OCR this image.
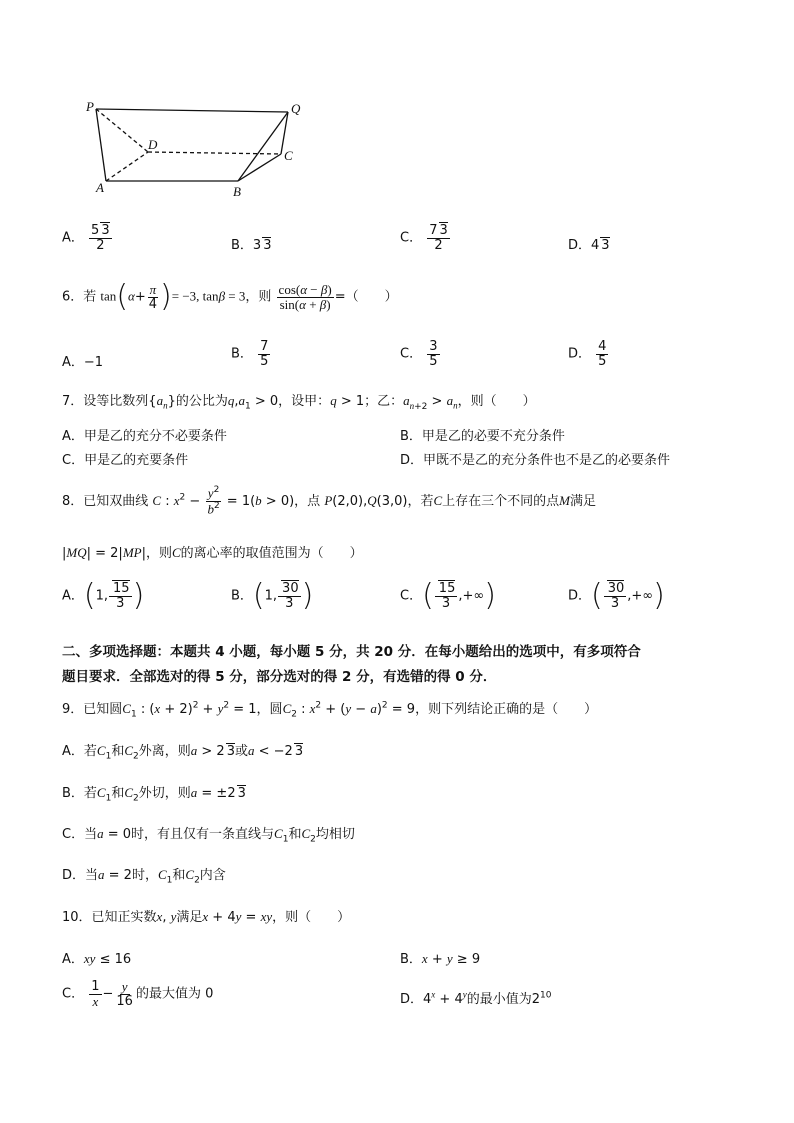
P	Q
D
C
A	B
A． $\frac{5 3}{2}$	B．3 3	C． $\frac{7 3}{2}$	D．4 3
6．若 $\tan(\alpha+ \frac{\pi}{4}$ )= −3, tanβ = 3，则 $\frac{\cos(\alpha - \beta)}{\sin(\alpha + \beta)}$ =（　　）
A．−1
B． $\frac{7}{5}$	C． $\frac{3}{5}$	D． $\frac{4}{5}$
7．设等比数列$\{a_n\}$的公比为$q,a_1 > 0$，设甲：q > 1；乙：$a_{n+2} > a_n$，则（　　）
A．甲是乙的充分不必要条件	B．甲是乙的必要不充分条件
C．甲是乙的充要条件	D．甲既不是乙的充分条件也不是乙的必要条件
8．已知双曲线 C : $x^2 - \frac{y^2}{b^2} = 1(b > 0)$，点 P(2,0),Q(3,0)，若C上存在三个不同的点M满足
|MQ| = 2|MP|，则C的离心率的取值范围为（　　）
A．(1, $\frac{15}{3}$ )	B．(1, $\frac{30}{3}$ )	C．( $\frac{15}{3}$ ,+∞)	D．( $\frac{30}{3}$ ,+∞)
二、多项选择题：本题共 4 小题，每小题 5 分，共 20 分．在每小题给出的选项中，有多项符合
题目要求．全部选对的得 5 分，部分选对的得 2 分，有选错的得 0 分．
9．已知圆$C_1$ : $(x + 2)^2 + y^2 = 1$，圆$C_2$ : $x^2 + (y - a)^2 = 9$，则下列结论正确的是（　　）
A．若$C_1$和$C_2$外离，则a > 2 3或a < −2 3
B．若$C_1$和$C_2$外切，则a = ±2 3
C．当a = 0时，有且仅有一条直线与$C_1$和$C_2$均相切
D．当a = 2时，$C_1$和$C_2$内含
10．已知正实数x, y满足x + 4y = xy，则（　　）
A．xy ≤ 16	B．x + y ≥ 9
C． $\frac{1}{x} - \frac{y}{16}$ 的最大值为 0	D．$4^x + 4^y$的最小值为$2^{10}$
